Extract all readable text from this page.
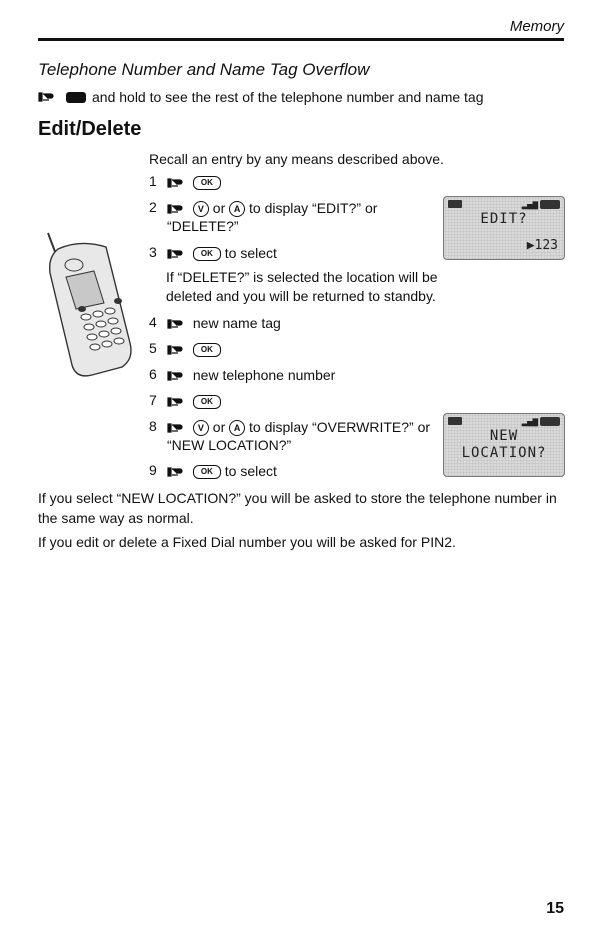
Memory
Telephone Number and Name Tag Overflow
and hold to see the rest of the telephone number and name tag
Edit/Delete
Recall an entry by any means described above.
1	OK
2	V or A to display “EDIT?” or
“DELETE?”
3	OK to select
If “DELETE?” is selected the location will be
deleted and you will be returned to standby.
4	new name tag
5	OK
6	new telephone number
7	OK
8	V or A to display “OVERWRITE?” or
“NEW LOCATION?”
9	OK to select
▂▄▆
EDIT?
▶123
▂▄▆
NEW
LOCATION?
If you select “NEW LOCATION?” you will be asked to store the telephone number in
the same way as normal.
If you edit or delete a Fixed Dial number you will be asked for PIN2.
15
